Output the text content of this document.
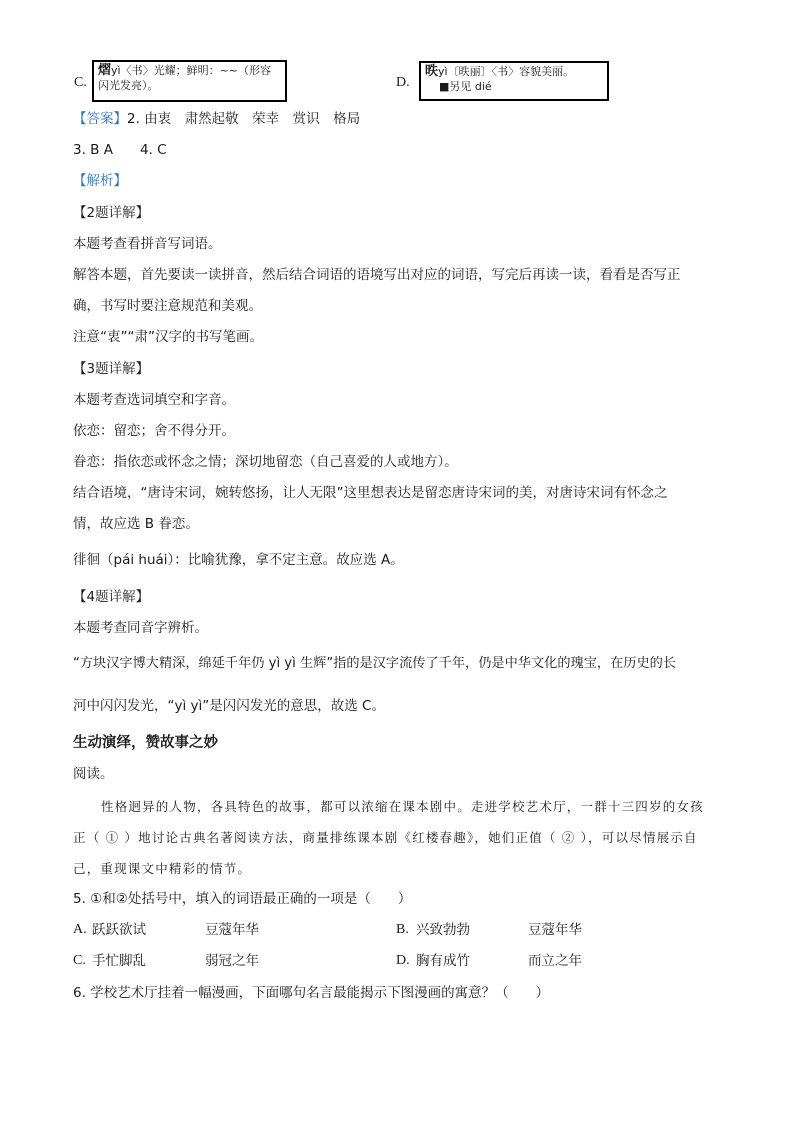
C.
熠yì〈书〉光耀；鲜明：~~（形容
闪光发亮）。	D.
昳yì〔昳丽〕〈书〉容貌美丽。
■另见 dié
【答案】2. 由衷　肃然起敬　荣幸　赏识　格局
3. B A　　4. C
【解析】
【2题详解】
本题考查看拼音写词语。
解答本题，首先要读一读拼音，然后结合词语的语境写出对应的词语，写完后再读一读，看看是否写正
确，书写时要注意规范和美观。
注意“衷”“肃”汉字的书写笔画。
【3题详解】
本题考查选词填空和字音。
依恋：留恋；舍不得分开。
眷恋：指依恋或怀念之情；深切地留恋（自己喜爱的人或地方）。
结合语境，“唐诗宋词，婉转悠扬，让人无限”这里想表达是留恋唐诗宋词的美，对唐诗宋词有怀念之
情，故应选 B 眷恋。
徘徊（pái huái）：比喻犹豫，拿不定主意。故应选 A。
【4题详解】
本题考查同音字辨析。
“方块汉字博大精深，绵延千年仍 yì yì 生辉”指的是汉字流传了千年，仍是中华文化的瑰宝，在历史的长
河中闪闪发光，“yì yì”是闪闪发光的意思，故选 C。
生动演绎，赞故事之妙
阅读。
性格迥异的人物，各具特色的故事，都可以浓缩在课本剧中。走进学校艺术厅，一群十三四岁的女孩
正（ ① ）地讨论古典名著阅读方法，商量排练课本剧《红楼春趣》，她们正值（ ② ），可以尽情展示自
己，重现课文中精彩的情节。
5. ①和②处括号中，填入的词语最正确的一项是（　　）
A. 跃跃欲试	豆蔻年华	B. 兴致勃勃	豆蔻年华
C. 手忙脚乱	弱冠之年	D. 胸有成竹	而立之年
6. 学校艺术厅挂着一幅漫画，下面哪句名言最能揭示下图漫画的寓意？（　　）
